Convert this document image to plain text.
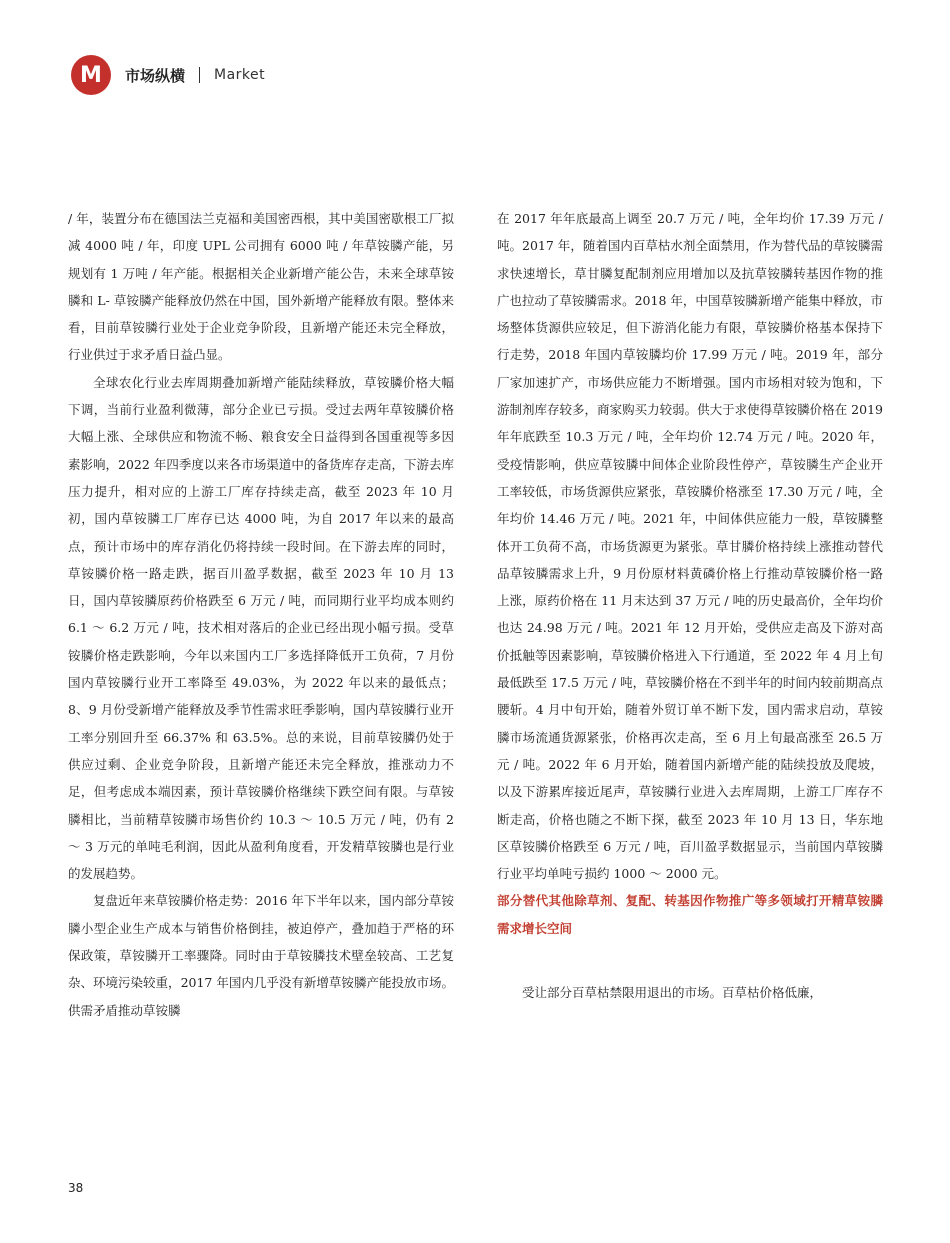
M 市场纵横 Market

/ 年，装置分布在德国法兰克福和美国密西根，其中美国密歇根工厂拟减 4000 吨 / 年，印度 UPL 公司拥有 6000 吨 / 年草铵膦产能，另规划有 1 万吨 / 年产能。根据相关企业新增产能公告，未来全球草铵膦和 L- 草铵膦产能释放仍然在中国，国外新增产能释放有限。整体来看，目前草铵膦行业处于企业竞争阶段，且新增产能还未完全释放，行业供过于求矛盾日益凸显。

全球农化行业去库周期叠加新增产能陆续释放，草铵膦价格大幅下调，当前行业盈利微薄，部分企业已亏损。受过去两年草铵膦价格大幅上涨、全球供应和物流不畅、粮食安全日益得到各国重视等多因素影响，2022 年四季度以来各市场渠道中的备货库存走高，下游去库压力提升，相对应的上游工厂库存持续走高，截至 2023 年 10 月初，国内草铵膦工厂库存已达 4000 吨，为自 2017 年以来的最高点，预计市场中的库存消化仍将持续一段时间。在下游去库的同时，草铵膦价格一路走跌，据百川盈孚数据，截至 2023 年 10 月 13 日，国内草铵膦原药价格跌至 6 万元 / 吨，而同期行业平均成本则约 6.1 ～ 6.2 万元 / 吨，技术相对落后的企业已经出现小幅亏损。受草铵膦价格走跌影响，今年以来国内工厂多选择降低开工负荷，7 月份国内草铵膦行业开工率降至 49.03%，为 2022 年以来的最低点；8、9 月份受新增产能释放及季节性需求旺季影响，国内草铵膦行业开工率分别回升至 66.37% 和 63.5%。总的来说，目前草铵膦仍处于供应过剩、企业竞争阶段，且新增产能还未完全释放，推涨动力不足，但考虑成本端因素，预计草铵膦价格继续下跌空间有限。与草铵膦相比，当前精草铵膦市场售价约 10.3 ～ 10.5 万元 / 吨，仍有 2 ～ 3 万元的单吨毛利润，因此从盈利角度看，开发精草铵膦也是行业的发展趋势。

复盘近年来草铵膦价格走势：2016 年下半年以来，国内部分草铵膦小型企业生产成本与销售价格倒挂，被迫停产，叠加趋于严格的环保政策，草铵膦开工率骤降。同时由于草铵膦技术壁垒较高、工艺复杂、环境污染较重，2017 年国内几乎没有新增草铵膦产能投放市场。供需矛盾推动草铵膦

在 2017 年年底最高上调至 20.7 万元 / 吨，全年均价 17.39 万元 / 吨。2017 年，随着国内百草枯水剂全面禁用，作为替代品的草铵膦需求快速增长，草甘膦复配制剂应用增加以及抗草铵膦转基因作物的推广也拉动了草铵膦需求。2018 年，中国草铵膦新增产能集中释放，市场整体货源供应较足，但下游消化能力有限，草铵膦价格基本保持下行走势，2018 年国内草铵膦均价 17.99 万元 / 吨。2019 年，部分厂家加速扩产，市场供应能力不断增强。国内市场相对较为饱和，下游制剂库存较多，商家购买力较弱。供大于求使得草铵膦价格在 2019 年年底跌至 10.3 万元 / 吨，全年均价 12.74 万元 / 吨。2020 年，受疫情影响，供应草铵膦中间体企业阶段性停产，草铵膦生产企业开工率较低，市场货源供应紧张，草铵膦价格涨至 17.30 万元 / 吨，全年均价 14.46 万元 / 吨。2021 年，中间体供应能力一般，草铵膦整体开工负荷不高，市场货源更为紧张。草甘膦价格持续上涨推动替代品草铵膦需求上升，9 月份原材料黄磷价格上行推动草铵膦价格一路上涨，原药价格在 11 月末达到 37 万元 / 吨的历史最高价，全年均价也达 24.98 万元 / 吨。2021 年 12 月开始，受供应走高及下游对高价抵触等因素影响，草铵膦价格进入下行通道，至 2022 年 4 月上旬最低跌至 17.5 万元 / 吨，草铵膦价格在不到半年的时间内较前期高点腰斩。4 月中旬开始，随着外贸订单不断下发，国内需求启动，草铵膦市场流通货源紧张，价格再次走高，至 6 月上旬最高涨至 26.5 万元 / 吨。2022 年 6 月开始，随着国内新增产能的陆续投放及爬坡，以及下游累库接近尾声，草铵膦行业进入去库周期，上游工厂库存不断走高，价格也随之不断下探，截至 2023 年 10 月 13 日，华东地区草铵膦价格跌至 6 万元 / 吨，百川盈孚数据显示，当前国内草铵膦行业平均单吨亏损约 1000 ～ 2000 元。

部分替代其他除草剂、复配、转基因作物推广等多领域打开精草铵膦需求增长空间

受让部分百草枯禁限用退出的市场。百草枯价格低廉，

38
